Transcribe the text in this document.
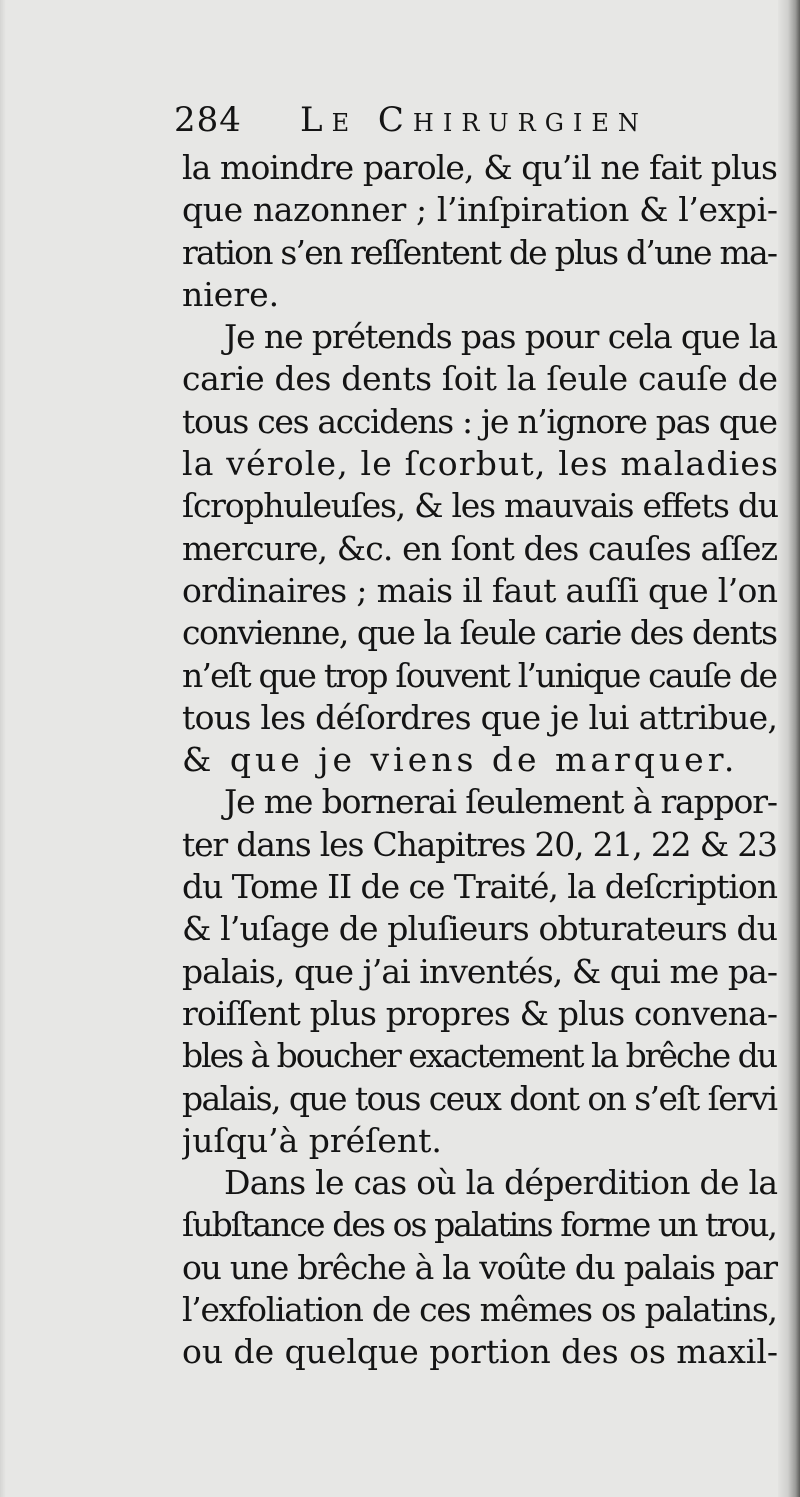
284 Le Chirurgien
la moindre parole, & qu’il ne fait plus
que nazonner ; l’inſpiration & l’expi-
ration s’en reſſentent de plus d’une ma-
niere.
Je ne prétends pas pour cela que la
carie des dents ſoit la ſeule cauſe de
tous ces accidens : je n’ignore pas que
la vérole, le ſcorbut, les maladies
ſcrophuleuſes, & les mauvais effets du
mercure, &c. en ſont des cauſes aſſez
ordinaires ; mais il faut auſſi que l’on
convienne, que la ſeule carie des dents
n’eſt que trop ſouvent l’unique cauſe de
tous les déſordres que je lui attribue,
& que je viens de marquer.
Je me bornerai ſeulement à rappor-
ter dans les Chapitres 20, 21, 22 & 23
du Tome II de ce Traité, la deſcription
& l’uſage de pluſieurs obturateurs du
palais, que j’ai inventés, & qui me pa-
roiſſent plus propres & plus convena-
bles à boucher exactement la brêche du
palais, que tous ceux dont on s’eſt ſervi
juſqu’à préſent.
Dans le cas où la déperdition de la
ſubſtance des os palatins forme un trou,
ou une brêche à la voûte du palais par
l’exfoliation de ces mêmes os palatins,
ou de quelque portion des os maxil-
